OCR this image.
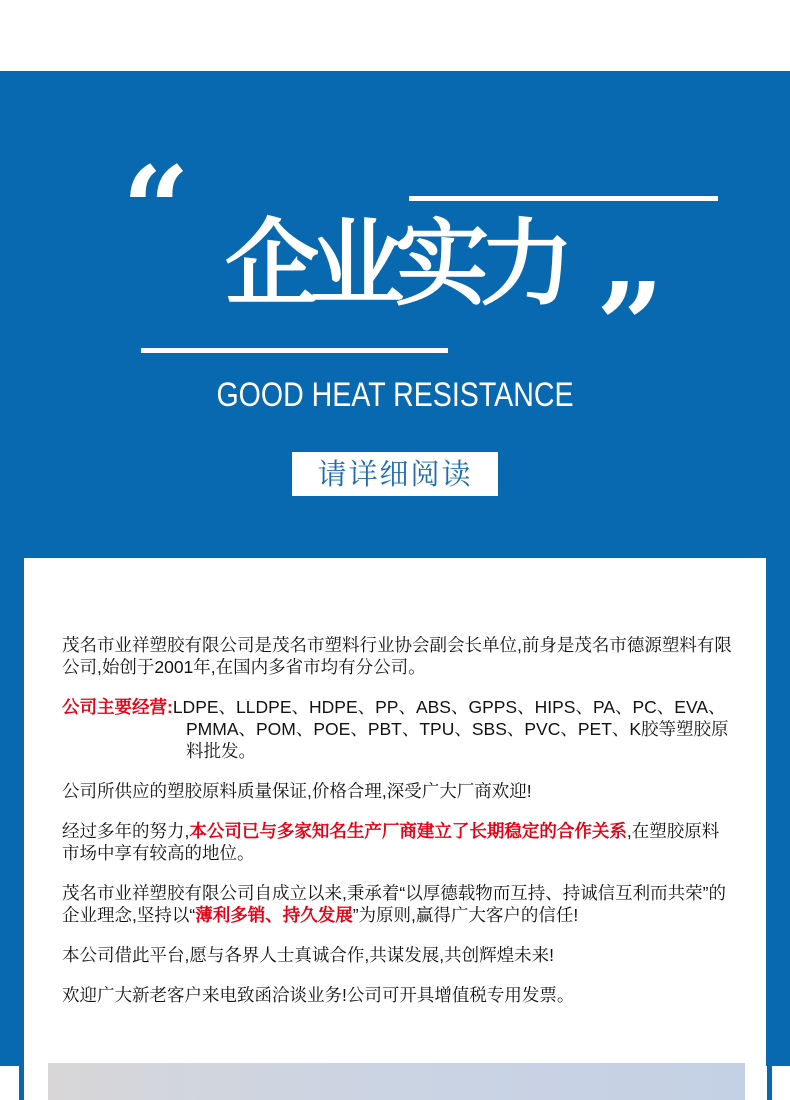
“ 企业实力 ”
GOOD HEAT RESISTANCE
请详细阅读

茂名市业祥塑胶有限公司是茂名市塑料行业协会副会长单位,前身是茂名市德源塑料有限公司,始创于2001年,在国内多省市均有分公司。

公司主要经营:LDPE、LLDPE、HDPE、PP、ABS、GPPS、HIPS、PA、PC、EVA、PMMA、POM、POE、PBT、TPU、SBS、PVC、PET、K胶等塑胶原料批发。

公司所供应的塑胶原料质量保证,价格合理,深受广大厂商欢迎!

经过多年的努力,本公司已与多家知名生产厂商建立了长期稳定的合作关系,在塑胶原料市场中享有较高的地位。

茂名市业祥塑胶有限公司自成立以来,秉承着“以厚德载物而互持、持诚信互利而共荣”的企业理念,坚持以“薄利多销、持久发展”为原则,赢得广大客户的信任!

本公司借此平台,愿与各界人士真诚合作,共谋发展,共创辉煌未来!

欢迎广大新老客户来电致函洽谈业务!公司可开具增值税专用发票。
